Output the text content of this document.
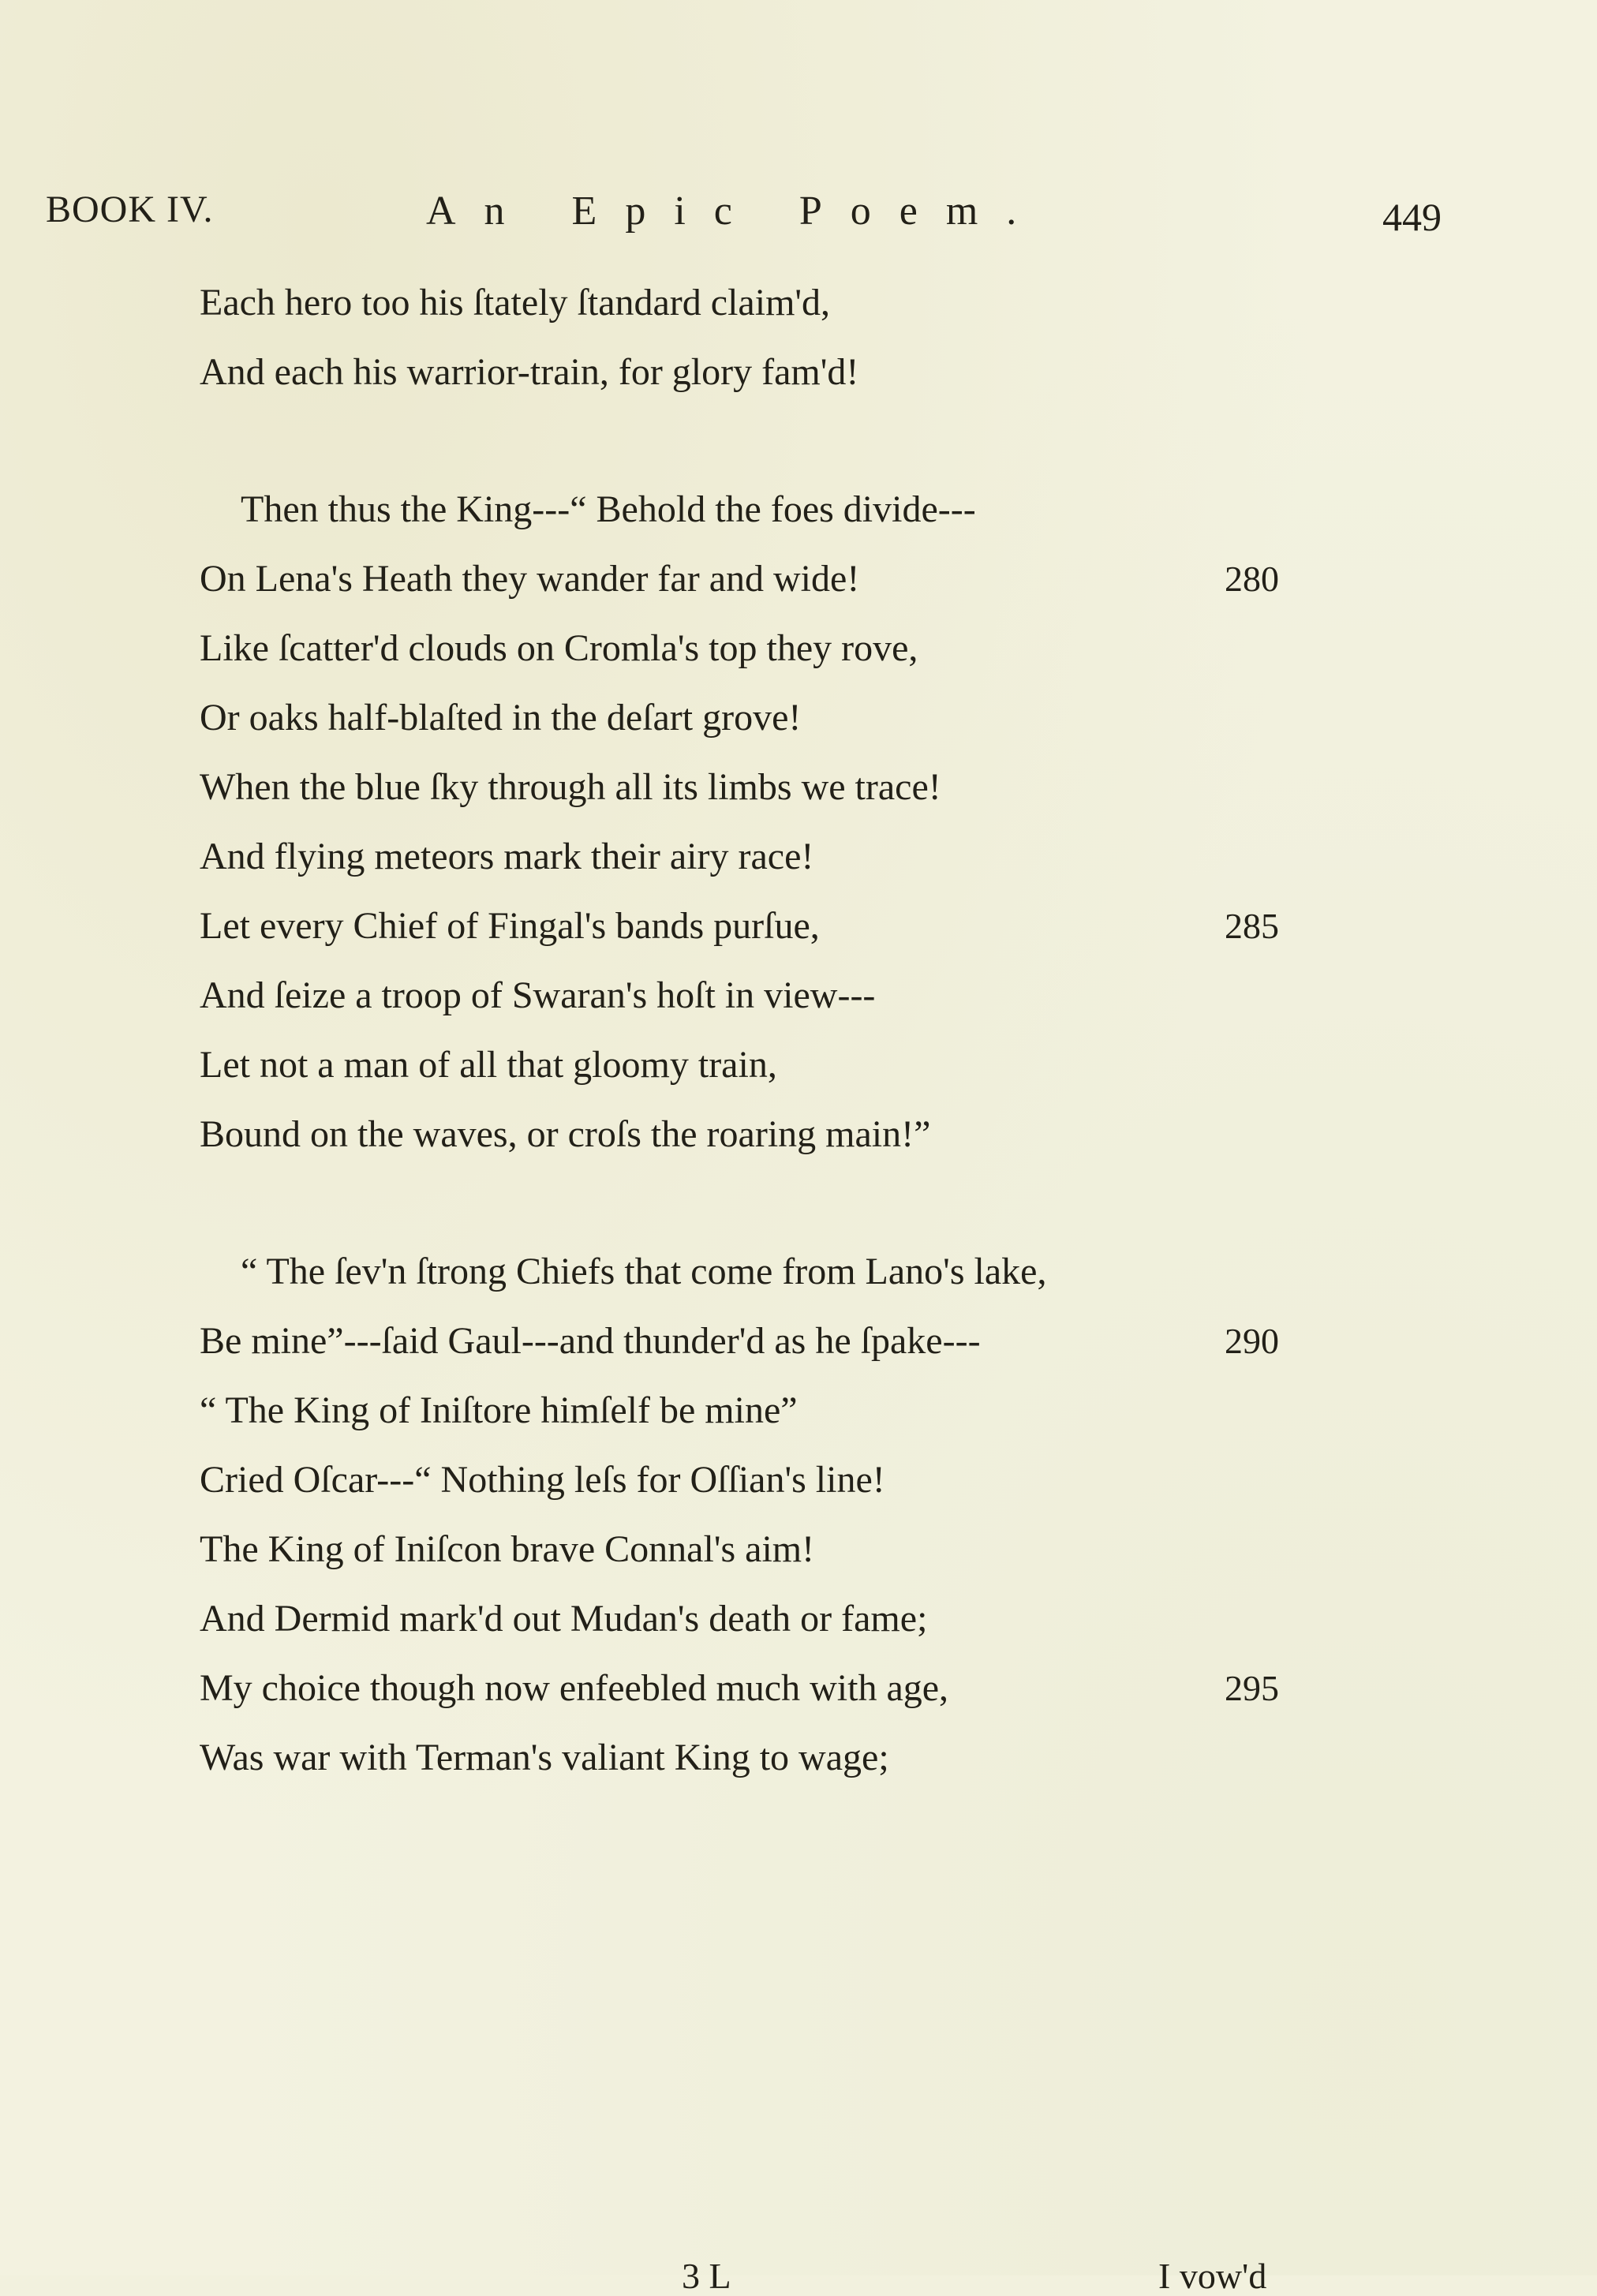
BOOK IV.	An Epic Poem.	449
Each hero too his ſtately ſtandard claim'd,
And each his warrior-train, for glory fam'd!
Then thus the King---“ Behold the foes divide---
On Lena's Heath they wander far and wide!	280
Like ſcatter'd clouds on Cromla's top they rove,
Or oaks half-blaſted in the deſart grove!
When the blue ſky through all its limbs we trace!
And flying meteors mark their airy race!
Let every Chief of Fingal's bands purſue,	285
And ſeize a troop of Swaran's hoſt in view---
Let not a man of all that gloomy train,
Bound on the waves, or croſs the roaring main!”
“ The ſev'n ſtrong Chiefs that come from Lano's lake,
Be mine”---ſaid Gaul---and thunder'd as he ſpake---	290
“ The King of Iniſtore himſelf be mine”
Cried Oſcar---“ Nothing leſs for Oſſian's line!
The King of Iniſcon brave Connal's aim!
And Dermid mark'd out Mudan's death or fame;
My choice though now enfeebled much with age,	295
Was war with Terman's valiant King to wage;
3 L	I vow'd
